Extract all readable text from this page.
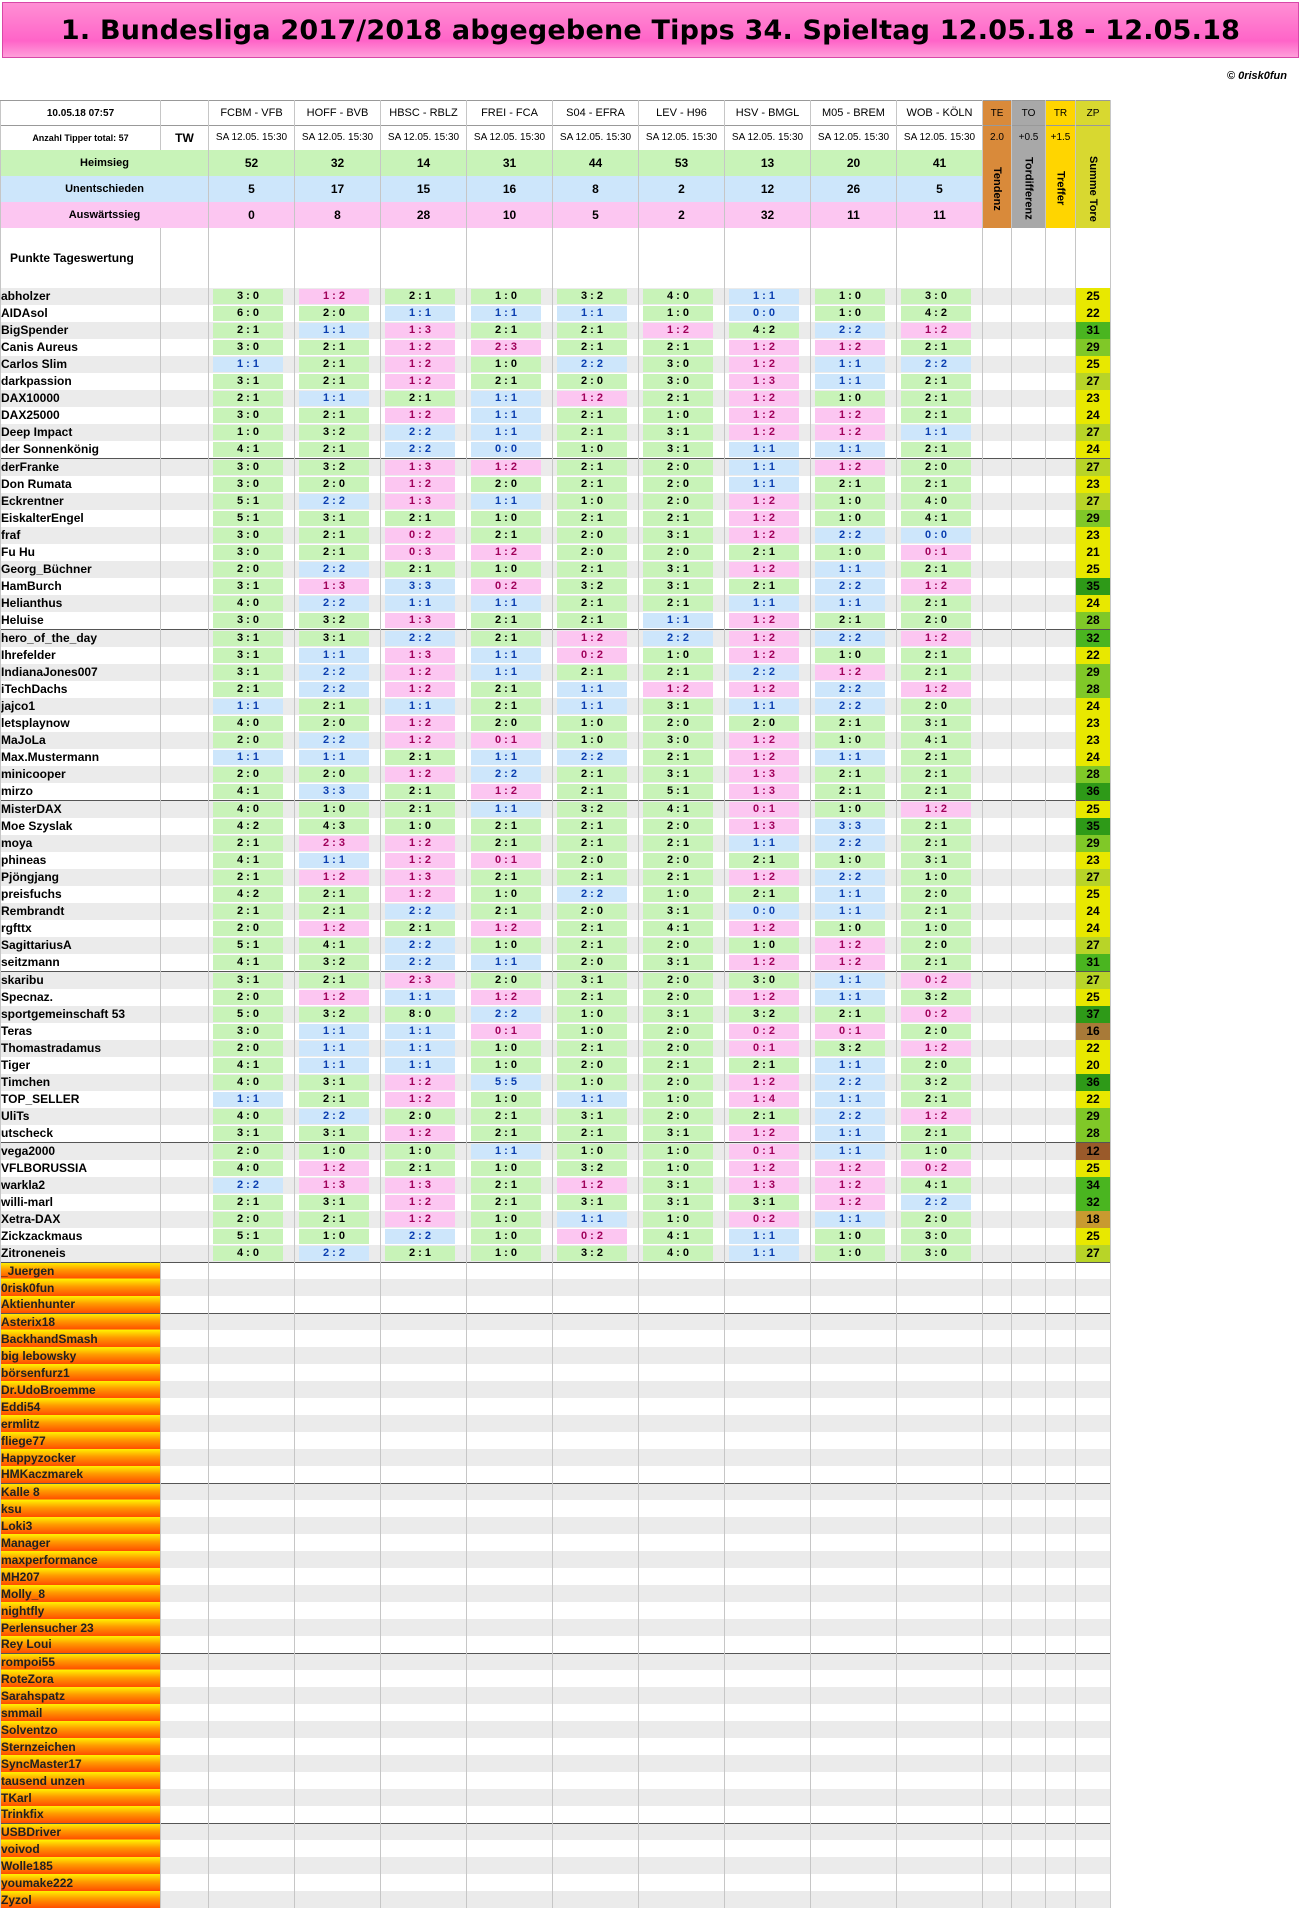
1. Bundesliga 2017/2018 abgegebene Tipps 34. Spieltag 12.05.18 - 12.05.18
© 0risk0fun
10.05.18 07:57		FCBM - VFB	HOFF - BVB	HBSC - RBLZ	FREI - FCA	S04 - EFRA	LEV - H96	HSV - BMGL	M05 - BREM	WOB - KÖLN	TE	TO	TR	ZP
Anzahl Tipper total: 57	TW	SA 12.05. 15:30	SA 12.05. 15:30	SA 12.05. 15:30	SA 12.05. 15:30	SA 12.05. 15:30	SA 12.05. 15:30	SA 12.05. 15:30	SA 12.05. 15:30	SA 12.05. 15:30	2.0	+0.5	+1.5	
Heimsieg		52	32	14	31	44	53	13	20	41	Tendenz	Tordifferenz	Treffer	Summe Tore

Unentschieden		5	17	15	16	8	2	12	26	5				
Auswärtssieg		0	8	28	10	5	2	32	11	11				
Punkte Tageswertung														
abholzer		3 : 0	1 : 2	2 : 1	1 : 0	3 : 2	4 : 0	1 : 1	1 : 0	3 : 0				25
AIDAsol		6 : 0	2 : 0	1 : 1	1 : 1	1 : 1	1 : 0	0 : 0	1 : 0	4 : 2				22
BigSpender		2 : 1	1 : 1	1 : 3	2 : 1	2 : 1	1 : 2	4 : 2	2 : 2	1 : 2				31
Canis Aureus		3 : 0	2 : 1	1 : 2	2 : 3	2 : 1	2 : 1	1 : 2	1 : 2	2 : 1				29
Carlos Slim		1 : 1	2 : 1	1 : 2	1 : 0	2 : 2	3 : 0	1 : 2	1 : 1	2 : 2				25
darkpassion		3 : 1	2 : 1	1 : 2	2 : 1	2 : 0	3 : 0	1 : 3	1 : 1	2 : 1				27
DAX10000		2 : 1	1 : 1	2 : 1	1 : 1	1 : 2	2 : 1	1 : 2	1 : 0	2 : 1				23
DAX25000		3 : 0	2 : 1	1 : 2	1 : 1	2 : 1	1 : 0	1 : 2	1 : 2	2 : 1				24
Deep Impact		1 : 0	3 : 2	2 : 2	1 : 1	2 : 1	3 : 1	1 : 2	1 : 2	1 : 1				27
der Sonnenkönig		4 : 1	2 : 1	2 : 2	0 : 0	1 : 0	3 : 1	1 : 1	1 : 1	2 : 1				24
derFranke		3 : 0	3 : 2	1 : 3	1 : 2	2 : 1	2 : 0	1 : 1	1 : 2	2 : 0				27
Don Rumata		3 : 0	2 : 0	1 : 2	2 : 0	2 : 1	2 : 0	1 : 1	2 : 1	2 : 1				23
Eckrentner		5 : 1	2 : 2	1 : 3	1 : 1	1 : 0	2 : 0	1 : 2	1 : 0	4 : 0				27
EiskalterEngel		5 : 1	3 : 1	2 : 1	1 : 0	2 : 1	2 : 1	1 : 2	1 : 0	4 : 1				29
fraf		3 : 0	2 : 1	0 : 2	2 : 1	2 : 0	3 : 1	1 : 2	2 : 2	0 : 0				23
Fu Hu		3 : 0	2 : 1	0 : 3	1 : 2	2 : 0	2 : 0	2 : 1	1 : 0	0 : 1				21
Georg_Büchner		2 : 0	2 : 2	2 : 1	1 : 0	2 : 1	3 : 1	1 : 2	1 : 1	2 : 1				25
HamBurch		3 : 1	1 : 3	3 : 3	0 : 2	3 : 2	3 : 1	2 : 1	2 : 2	1 : 2				35
Helianthus		4 : 0	2 : 2	1 : 1	1 : 1	2 : 1	2 : 1	1 : 1	1 : 1	2 : 1				24
Heluise		3 : 0	3 : 2	1 : 3	2 : 1	2 : 1	1 : 1	1 : 2	2 : 1	2 : 0				28
hero_of_the_day		3 : 1	3 : 1	2 : 2	2 : 1	1 : 2	2 : 2	1 : 2	2 : 2	1 : 2				32
Ihrefelder		3 : 1	1 : 1	1 : 3	1 : 1	0 : 2	1 : 0	1 : 2	1 : 0	2 : 1				22
IndianaJones007		3 : 1	2 : 2	1 : 2	1 : 1	2 : 1	2 : 1	2 : 2	1 : 2	2 : 1				29
iTechDachs		2 : 1	2 : 2	1 : 2	2 : 1	1 : 1	1 : 2	1 : 2	2 : 2	1 : 2				28
jajco1		1 : 1	2 : 1	1 : 1	2 : 1	1 : 1	3 : 1	1 : 1	2 : 2	2 : 0				24
letsplaynow		4 : 0	2 : 0	1 : 2	2 : 0	1 : 0	2 : 0	2 : 0	2 : 1	3 : 1				23
MaJoLa		2 : 0	2 : 2	1 : 2	0 : 1	1 : 0	3 : 0	1 : 2	1 : 0	4 : 1				23
Max.Mustermann		1 : 1	1 : 1	2 : 1	1 : 1	2 : 2	2 : 1	1 : 2	1 : 1	2 : 1				24
minicooper		2 : 0	2 : 0	1 : 2	2 : 2	2 : 1	3 : 1	1 : 3	2 : 1	2 : 1				28
mirzo		4 : 1	3 : 3	2 : 1	1 : 2	2 : 1	5 : 1	1 : 3	2 : 1	2 : 1				36
MisterDAX		4 : 0	1 : 0	2 : 1	1 : 1	3 : 2	4 : 1	0 : 1	1 : 0	1 : 2				25
Moe Szyslak		4 : 2	4 : 3	1 : 0	2 : 1	2 : 1	2 : 0	1 : 3	3 : 3	2 : 1				35
moya		2 : 1	2 : 3	1 : 2	2 : 1	2 : 1	2 : 1	1 : 1	2 : 2	2 : 1				29
phineas		4 : 1	1 : 1	1 : 2	0 : 1	2 : 0	2 : 0	2 : 1	1 : 0	3 : 1				23
Pjöngjang		2 : 1	1 : 2	1 : 3	2 : 1	2 : 1	2 : 1	1 : 2	2 : 2	1 : 0				27
preisfuchs		4 : 2	2 : 1	1 : 2	1 : 0	2 : 2	1 : 0	2 : 1	1 : 1	2 : 0				25
Rembrandt		2 : 1	2 : 1	2 : 2	2 : 1	2 : 0	3 : 1	0 : 0	1 : 1	2 : 1				24
rgfttx		2 : 0	1 : 2	2 : 1	1 : 2	2 : 1	4 : 1	1 : 2	1 : 0	1 : 0				24
SagittariusA		5 : 1	4 : 1	2 : 2	1 : 0	2 : 1	2 : 0	1 : 0	1 : 2	2 : 0				27
seitzmann		4 : 1	3 : 2	2 : 2	1 : 1	2 : 0	3 : 1	1 : 2	1 : 2	2 : 1				31
skaribu		3 : 1	2 : 1	2 : 3	2 : 0	3 : 1	2 : 0	3 : 0	1 : 1	0 : 2				27
Specnaz.		2 : 0	1 : 2	1 : 1	1 : 2	2 : 1	2 : 0	1 : 2	1 : 1	3 : 2				25
sportgemeinschaft 53		5 : 0	3 : 2	8 : 0	2 : 2	1 : 0	3 : 1	3 : 2	2 : 1	0 : 2				37
Teras		3 : 0	1 : 1	1 : 1	0 : 1	1 : 0	2 : 0	0 : 2	0 : 1	2 : 0				16
Thomastradamus		2 : 0	1 : 1	1 : 1	1 : 0	2 : 1	2 : 0	0 : 1	3 : 2	1 : 2				22
Tiger		4 : 1	1 : 1	1 : 1	1 : 0	2 : 0	2 : 1	2 : 1	1 : 1	2 : 0				20
Timchen		4 : 0	3 : 1	1 : 2	5 : 5	1 : 0	2 : 0	1 : 2	2 : 2	3 : 2				36
TOP_SELLER		1 : 1	2 : 1	1 : 2	1 : 0	1 : 1	1 : 0	1 : 4	1 : 1	2 : 1				22
UliTs		4 : 0	2 : 2	2 : 0	2 : 1	3 : 1	2 : 0	2 : 1	2 : 2	1 : 2				29
utscheck		3 : 1	3 : 1	1 : 2	2 : 1	2 : 1	3 : 1	1 : 2	1 : 1	2 : 1				28
vega2000		2 : 0	1 : 0	1 : 0	1 : 1	1 : 0	1 : 0	0 : 1	1 : 1	1 : 0				12
VFLBORUSSIA		4 : 0	1 : 2	2 : 1	1 : 0	3 : 2	1 : 0	1 : 2	1 : 2	0 : 2				25
warkla2		2 : 2	1 : 3	1 : 3	2 : 1	1 : 2	3 : 1	1 : 3	1 : 2	4 : 1				34
willi-marl		2 : 1	3 : 1	1 : 2	2 : 1	3 : 1	3 : 1	3 : 1	1 : 2	2 : 2				32
Xetra-DAX		2 : 0	2 : 1	1 : 2	1 : 0	1 : 1	1 : 0	0 : 2	1 : 1	2 : 0				18
Zickzackmaus		5 : 1	1 : 0	2 : 2	1 : 0	0 : 2	4 : 1	1 : 1	1 : 0	3 : 0				25
Zitroneneis		4 : 0	2 : 2	2 : 1	1 : 0	3 : 2	4 : 0	1 : 1	1 : 0	3 : 0				27
_Juergen														
0risk0fun														
Aktienhunter														
Asterix18														
BackhandSmash														
big lebowsky														
börsenfurz1														
Dr.UdoBroemme														
Eddi54														
ermlitz														
fliege77														
Happyzocker														
HMKaczmarek														
Kalle 8														
ksu														
Loki3														
Manager														
maxperformance														
MH207														
Molly_8														
nightfly														
Perlensucher 23														
Rey Loui														
rompoi55														
RoteZora														
Sarahspatz														
smmail														
Solventzo														
Sternzeichen														
SyncMaster17														
tausend unzen														
TKarl														
Trinkfix														
USBDriver														
voivod														
Wolle185														
youmake222														
Zyzol														
